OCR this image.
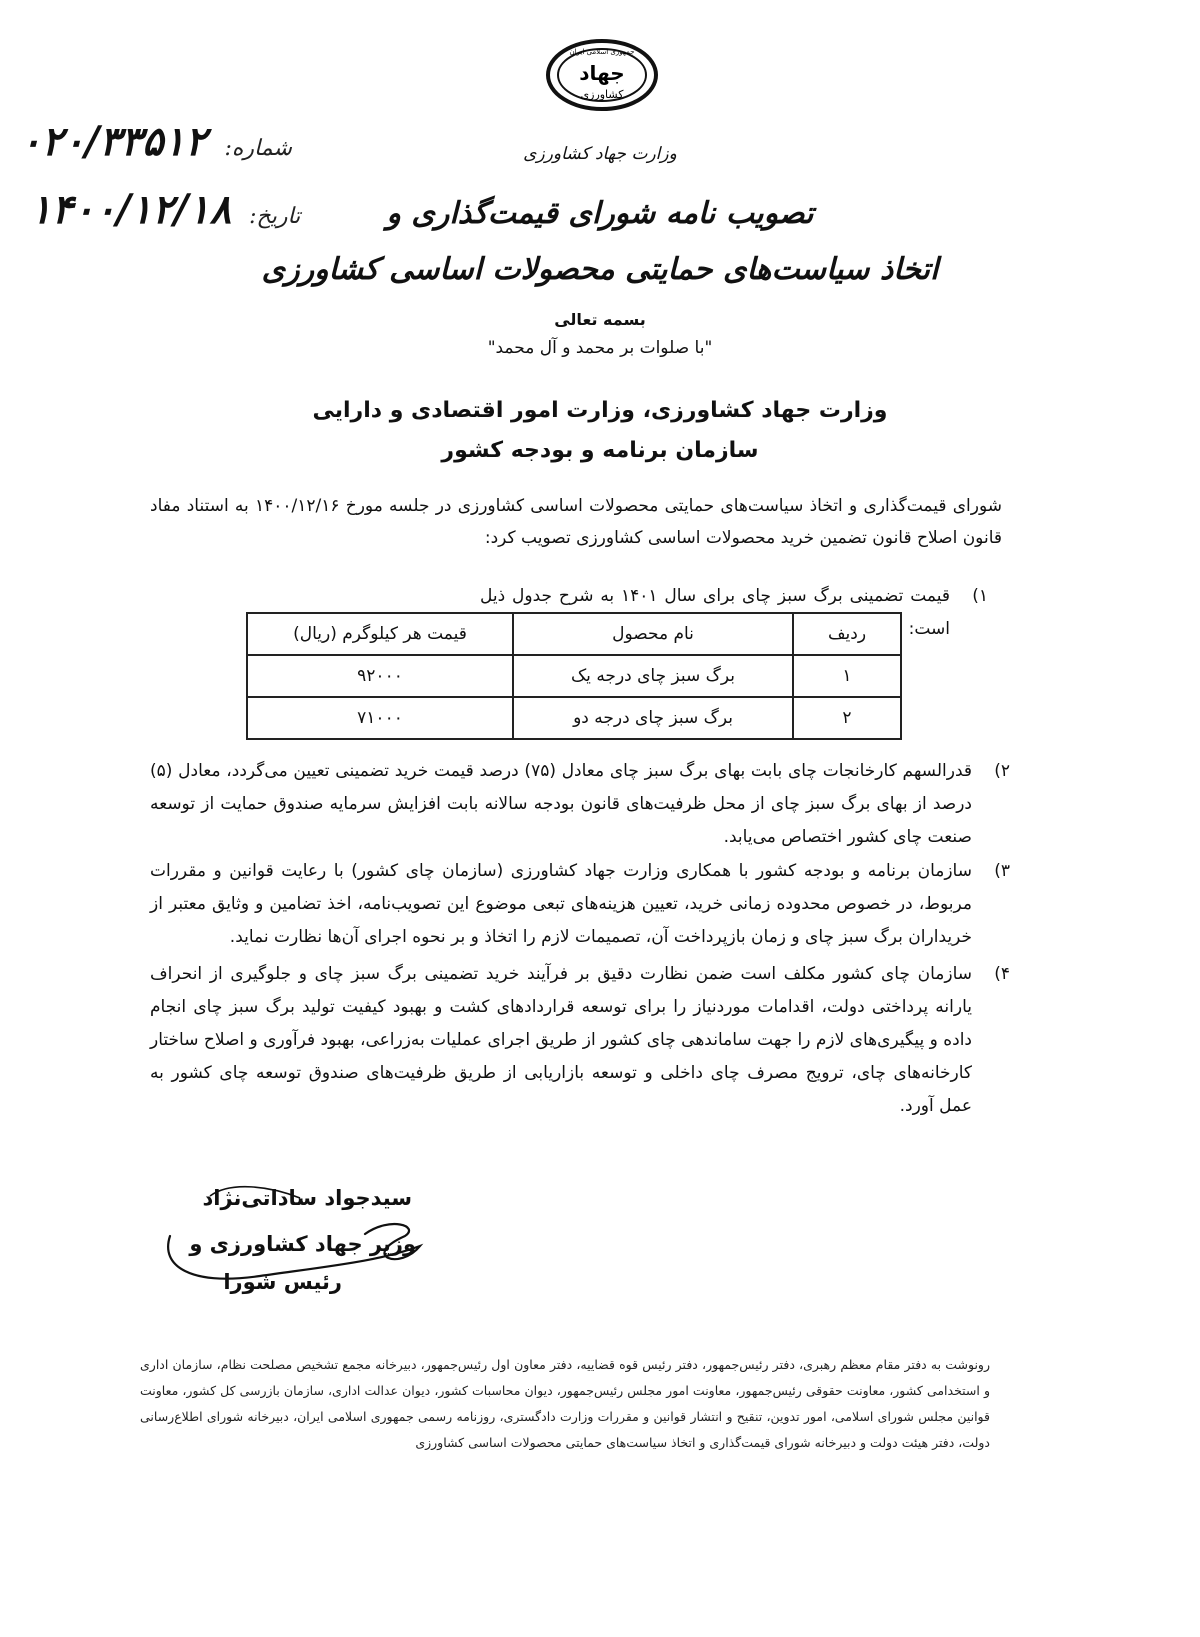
جمهوری اسلامی ایران
جهاد
کشاورزی
شماره:
۰۲۰/۳۳۵۱۲
تاریخ:
۱۴۰۰/۱۲/۱۸
وزارت جهاد کشاورزی
تصویب نامه شورای قیمت‌گذاری و
اتخاذ سیاست‌های حمایتی محصولات اساسی کشاورزی
بسمه تعالی
"با صلوات بر محمد و آل محمد"
وزارت جهاد کشاورزی، وزارت امور اقتصادی و دارایی
سازمان برنامه و بودجه کشور
شورای قیمت‌گذاری و اتخاذ سیاست‌های حمایتی محصولات اساسی کشاورزی در جلسه مورخ ۱۴۰۰/۱۲/۱۶ به استناد مفاد قانون اصلاح قانون تضمین خرید محصولات اساسی کشاورزی تصویب کرد:
(۱
قیمت تضمینی برگ سبز چای برای سال ۱۴۰۱ به شرح جدول ذیل است:
ردیف	نام محصول	قیمت هر کیلوگرم (ریال)
۱	برگ سبز چای درجه یک	۹۲۰۰۰
۲	برگ سبز چای درجه دو	۷۱۰۰۰
(۲
قدرالسهم کارخانجات چای بابت بهای برگ سبز چای معادل (۷۵) درصد قیمت خرید تضمینی تعیین می‌گردد، معادل (۵) درصد از بهای برگ سبز چای از محل ظرفیت‌های قانون بودجه سالانه بابت افزایش سرمایه صندوق حمایت از توسعه صنعت چای کشور اختصاص می‌یابد.
(۳
سازمان برنامه و بودجه کشور با همکاری وزارت جهاد کشاورزی (سازمان چای کشور) با رعایت قوانین و مقررات مربوط، در خصوص محدوده زمانی خرید، تعیین هزینه‌های تبعی موضوع این تصویب‌نامه، اخذ تضامین و وثایق معتبر از خریداران برگ سبز چای و زمان بازپرداخت آن، تصمیمات لازم را اتخاذ و بر نحوه اجرای آن‌ها نظارت نماید.
(۴
سازمان چای کشور مکلف است ضمن نظارت دقیق بر فرآیند خرید تضمینی برگ سبز چای و جلوگیری از انحراف یارانه پرداختی دولت، اقدامات موردنیاز را برای توسعه قراردادهای کشت و بهبود کیفیت تولید برگ سبز چای انجام داده و پیگیری‌های لازم را جهت ساماندهی چای کشور از طریق اجرای عملیات به‌زراعی، بهبود فرآوری و اصلاح ساختار کارخانه‌های چای، ترویج مصرف چای داخلی و توسعه بازاریابی از طریق ظرفیت‌های صندوق توسعه چای کشور به عمل آورد.
سیدجواد ساداتی‌نژاد
وزیر جهاد کشاورزی و
رئیس شورا
رونوشت به دفتر مقام معظم رهبری، دفتر رئیس‌جمهور، دفتر رئیس قوه قضاییه، دفتر معاون اول رئیس‌جمهور، دبیرخانه مجمع تشخیص مصلحت نظام، سازمان اداری و استخدامی کشور، معاونت حقوقی رئیس‌جمهور، معاونت امور مجلس رئیس‌جمهور، دیوان محاسبات کشور، دیوان عدالت اداری، سازمان بازرسی کل کشور، معاونت قوانین مجلس شورای اسلامی، امور تدوین، تنقیح و انتشار قوانین و مقررات وزارت دادگستری، روزنامه رسمی جمهوری اسلامی ایران، دبیرخانه شورای اطلاع‌رسانی دولت، دفتر هیئت دولت و دبیرخانه شورای قیمت‌گذاری و اتخاذ سیاست‌های حمایتی محصولات اساسی کشاورزی
